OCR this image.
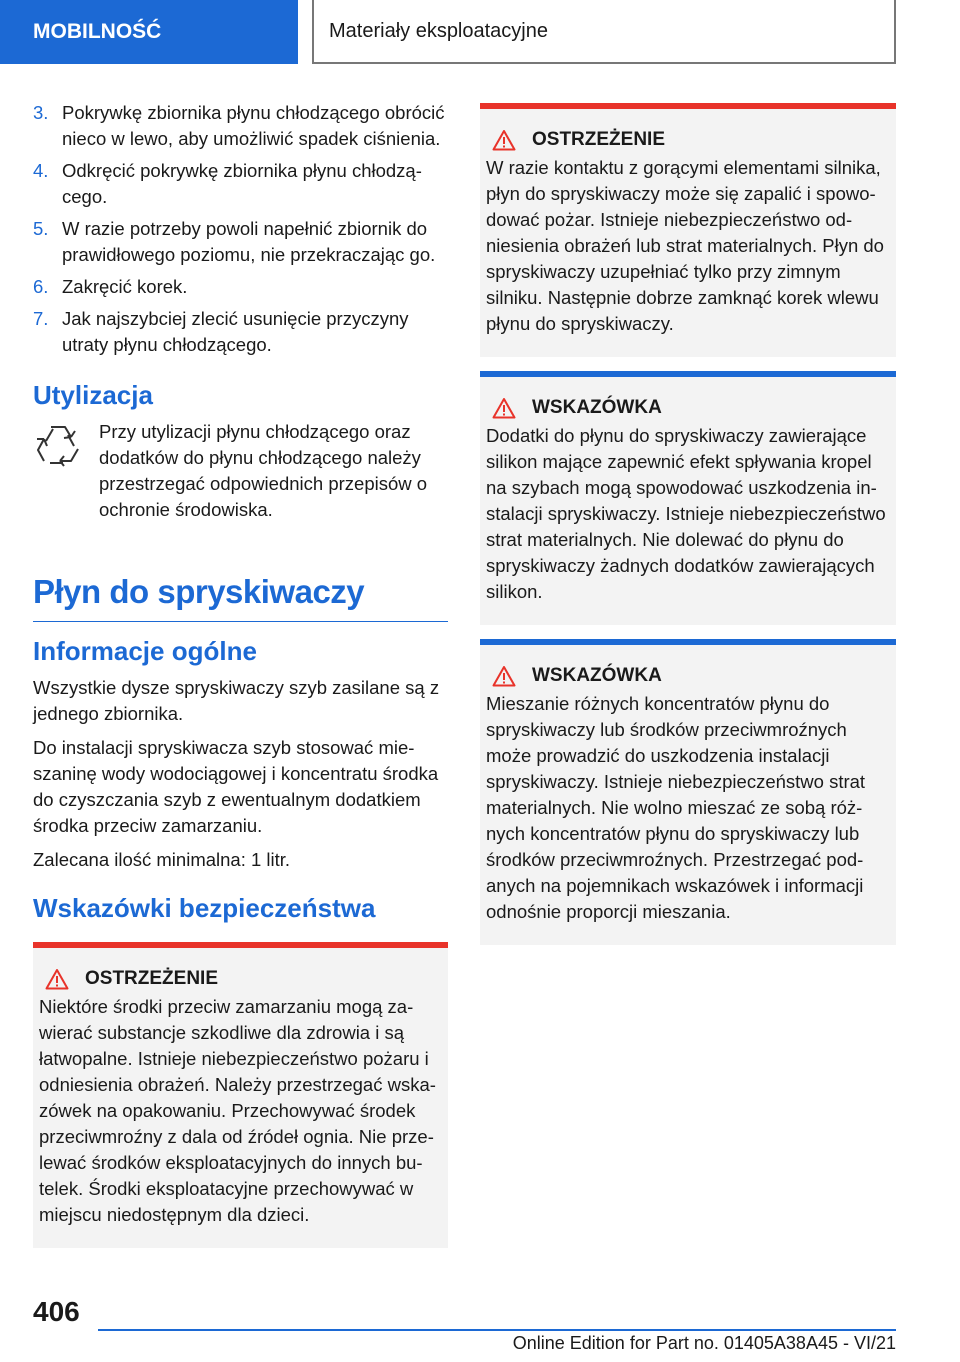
MOBILNOŚĆ	Materiały eksploatacyjne
3. Pokrywkę zbiornika płynu chłodzącego obrócić nieco w lewo, aby umożliwić spadek ciśnienia.
4. Odkręcić pokrywkę zbiornika płynu chłodzącego.
5. W razie potrzeby powoli napełnić zbiornik do prawidłowego poziomu, nie przekraczając go.
6. Zakręcić korek.
7. Jak najszybciej zlecić usunięcie przyczyny utraty płynu chłodzącego.
Utylizacja
Przy utylizacji płynu chłodzącego oraz dodatków do płynu chłodzącego należy przestrzegać odpowiednich przepisów o ochronie środowiska.
Płyn do spryskiwaczy
Informacje ogólne

Wszystkie dysze spryskiwaczy szyb zasilane są z jednego zbiornika.

Do instalacji spryskiwacza szyb stosować mieszaninę wody wodociągowej i koncentratu środka do czyszczania szyb z ewentualnym dodatkiem środka przeciw zamarzaniu.

Zalecana ilość minimalna: 1 litr.

Wskazówki bezpieczeństwa
OSTRZEŻENIE
Niektóre środki przeciw zamarzaniu mogą zawierać substancje szkodliwe dla zdrowia i są łatwopalne. Istnieje niebezpieczeństwo pożaru i odniesienia obrażeń. Należy przestrzegać wskazówek na opakowaniu. Przechowywać środek przeciwmroźny z dala od źródeł ognia. Nie przelewać środków eksploatacyjnych do innych butelek. Środki eksploatacyjne przechowywać w miejscu niedostępnym dla dzieci.
OSTRZEŻENIE
W razie kontaktu z gorącymi elementami silnika, płyn do spryskiwaczy może się zapalić i spowodować pożar. Istnieje niebezpieczeństwo odniesienia obrażeń lub strat materialnych. Płyn do spryskiwaczy uzupełniać tylko przy zimnym silniku. Następnie dobrze zamknąć korek wlewu płynu do spryskiwaczy.
WSKAZÓWKA
Dodatki do płynu do spryskiwaczy zawierające silikon mające zapewnić efekt spływania kropel na szybach mogą spowodować uszkodzenia instalacji spryskiwaczy. Istnieje niebezpieczeństwo strat materialnych. Nie dolewać do płynu do spryskiwaczy żadnych dodatków zawierających silikon.
WSKAZÓWKA
Mieszanie różnych koncentratów płynu do spryskiwaczy lub środków przeciwmroźnych może prowadzić do uszkodzenia instalacji spryskiwaczy. Istnieje niebezpieczeństwo strat materialnych. Nie wolno mieszać ze sobą różnych koncentratów płynu do spryskiwaczy lub środków przeciwmroźnych. Przestrzegać podanych na pojemnikach wskazówek i informacji odnośnie proporcji mieszania.
406
Online Edition for Part no. 01405A38A45 - VI/21
